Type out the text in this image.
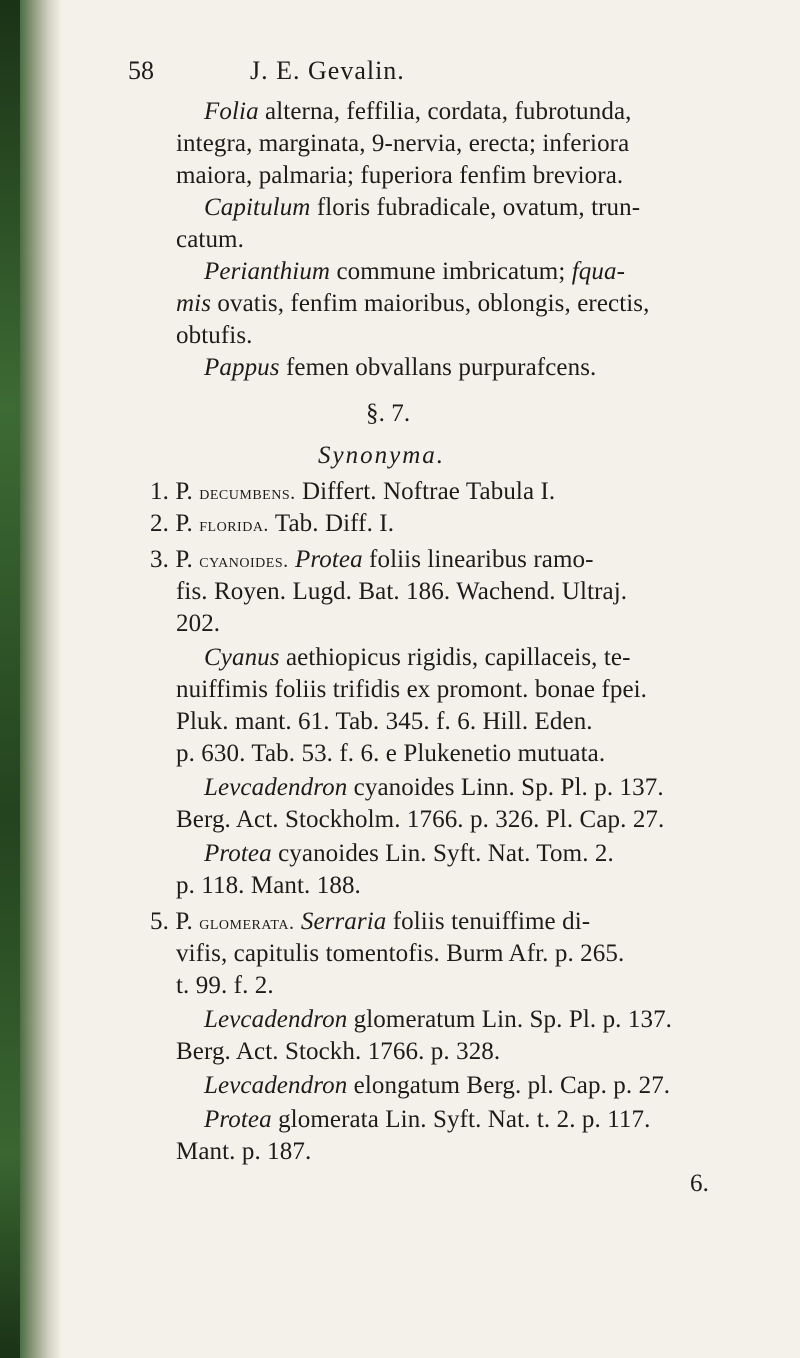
58	J. E. Gevalin.
Folia alterna, feffilia, cordata, fubrotunda,
integra, marginata, 9-nervia, erecta; inferiora
maiora, palmaria; fuperiora fenfim breviora.
Capitulum floris fubradicale, ovatum, trun-
catum.
Perianthium commune imbricatum; fqua-
mis ovatis, fenfim maioribus, oblongis, erectis,
obtufis.
Pappus femen obvallans purpurafcens.
§. 7.
Synonyma.
1. P. decumbens. Differt. Noftrae Tabula I.
2. P. florida. Tab. Diff. I.
3. P. cyanoides. Protea foliis linearibus ramo-
fis. Royen. Lugd. Bat. 186. Wachend. Ultraj.
202.
Cyanus aethiopicus rigidis, capillaceis, te-
nuiffimis foliis trifidis ex promont. bonae fpei.
Pluk. mant. 61. Tab. 345. f. 6. Hill. Eden.
p. 630. Tab. 53. f. 6. e Plukenetio mutuata.
Levcadendron cyanoides Linn. Sp. Pl. p. 137.
Berg. Act. Stockholm. 1766. p. 326. Pl. Cap. 27.
Protea cyanoides Lin. Syft. Nat. Tom. 2.
p. 118. Mant. 188.
5. P. glomerata. Serraria foliis tenuiffime di-
vifis, capitulis tomentofis. Burm Afr. p. 265.
t. 99. f. 2.
Levcadendron glomeratum Lin. Sp. Pl. p. 137.
Berg. Act. Stockh. 1766. p. 328.
Levcadendron elongatum Berg. pl. Cap. p. 27.
Protea glomerata Lin. Syft. Nat. t. 2. p. 117.
Mant. p. 187.
6.
